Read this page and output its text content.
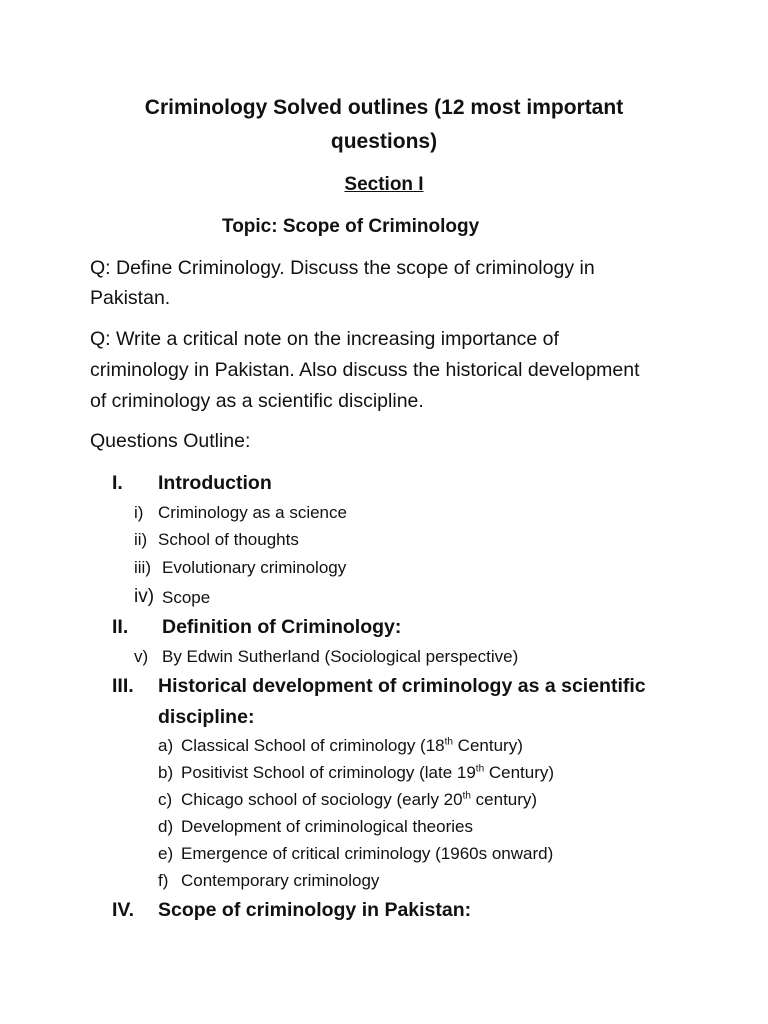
Criminology Solved outlines (12 most important
questions)
Section I
Topic: Scope of Criminology
Q: Define Criminology. Discuss the scope of criminology in
Pakistan.
Q: Write a critical note on the increasing importance of
criminology in Pakistan. Also discuss the historical development
of criminology as a scientific discipline.
Questions Outline:
I. Introduction
i) Criminology as a science
ii) School of thoughts
iii) Evolutionary criminology
iv) Scope
II. Definition of Criminology:
v) By Edwin Sutherland (Sociological perspective)
III. Historical development of criminology as a scientific
discipline:
a) Classical School of criminology (18th Century)
b) Positivist School of criminology (late 19th Century)
c) Chicago school of sociology (early 20th century)
d) Development of criminological theories
e) Emergence of critical criminology (1960s onward)
f) Contemporary criminology
IV. Scope of criminology in Pakistan:
